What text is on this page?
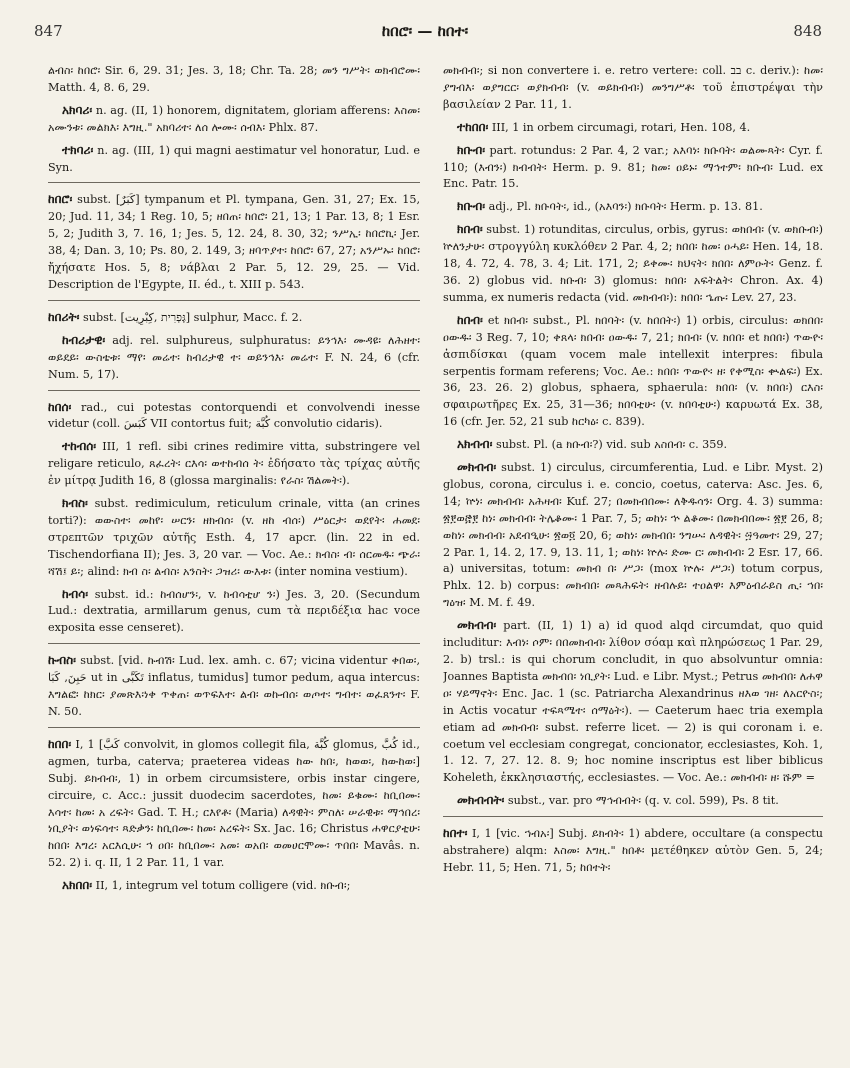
847	ከበሮ፡ — ከበተ፡	848

ልብስ፡ ከበሮ፡ Sir. 6, 29. 31; Jes. 3, 18; Chr. Ta. 28; መን ግሥት፡ ወክብሮሙ፡ Matth. 4, 8. 6, 29.

አክባሪ፡ n. ag. (II, 1) honorem, dignitatem, gloriam afferens: እስመ፡ አሙንቱ፡ መልክእ፡ እግዚ." አክባሪተ፡ ለሰ ሎሙ፡ ሰብእ፡ Phlx. 87.

ተክባሪ፡ n. ag. (III, 1) qui magni aestimatur vel honoratur, Lud. e Syn.

ከበሮ፡ subst. [كَبَرٌ] tympanum et Pl. tympana, Gen. 31, 27; Ex. 15, 20; Jud. 11, 34; 1 Reg. 10, 5; ዘበጠ፡ ከበሮ፡ 21, 13; 1 Par. 13, 8; 1 Esr. 5, 2; Judith 3, 7. 16, 1; Jes. 5, 12. 24, 8. 30, 32; ንሥኢ፡ ከበሮኪ፡ Jer. 38, 4; Dan. 3, 10; Ps. 80, 2. 149, 3; ዘባጥያተ፡ ከበሮ፡ 67, 27; አንሥኡ፡ ከበሮ፡ ἤχήσατε Hos. 5, 8; νάβλαι 2 Par. 5, 12. 29, 25. — Vid. Description de l'Egypte, II. éd., t. XIII p. 543.

ከበሪት፡ subst. [גָּפְרִית ,كِبْرِيت] sulphur, Macc. f. 2.

ከብሪታዊ፡ adj. rel. sulphureus, sulphuratus: ይንኅእ፡ ሙዳዩ፡ ለሕዘተ፡ ወይደይ፡ ውስቴቱ፡ ማየ፡ መሬተ፡ ከብሪታዊ ተ፡ ወይንኅእ፡ መሬተ፡ F. N. 24, 6 (cfr. Num. 5, 17).

ከበሰ፡ rad., cui potestas contorquendi et convolvendi inesse videtur (coll. كَبَسَ VII contortus fuit; كُبَّة convolutio cidaris).

ተከብሰ፡ III, 1 refl. sibi crines redimire vitta, substringere vel religare reticulo, ጸፈረት፡ ርእሳ፡ ወተከብሰ ት፡ ἐδήσατο τὰς τρίχας αὐτῆς ἐν μίτρᾳ Judith 16, 8 (glossa marginalis: የራስ፡ ሽልመት፡).

ክብስ፡ subst. redimiculum, reticulum crinale, vitta (an crines torti?): ወውስተ፡ መከየ፡ ሠርን፡ ዘክብሰ፡ (v. ዘከ ብሰ፡) ሥዕርታ፡ ወደየት፡ ሐመደ፡ στρεπτῶν τριχῶν αὐτῆς Esth. 4, 17 apcr. (lin. 22 in ed. Tischendorfiana II); Jes. 3, 20 var. — Voc. Ae.: ክብስ፡ ብ፡ ሰርመዱ፡ ጭራ፡ ሻሽ፤ ይ፡; alind: ክብ ስ፡ ልብስ፡ አንስት፡ ጋዝሪ፡ ውእቱ፡ (inter nomina vestium).

ከብሳ፡ subst. id.: ከብሰሆን፡, v. ከብሳቲሆ ን፡) Jes. 3, 20. (Secundum Lud.: dextratia, armillarum genus, cum τὰ περιδέξια hac voce exposita esse censeret).

ኩብስ፡ subst. [vid. ኩብሽ፡ Lud. lex. amh. c. 67; vicina videntur ቀበወ፡, حَبِنَ, كَبَا ut in تَكَبَّى inflatus, tumidus] tumor pedum, aqua intercus: እግልፎ፡ ከክር፡ ያመጽእ፡ነቀ ጥቀጠ፡ ወጥፍእተ፡ ልብ፡ ወኩብሰ፡ ወጦተ፡ ግብተ፡ ወፈጸንተ፡ F. N. 50.

ከበበ፡ I, 1 [كَبَّ convolvit, in glomos collegit fila, كُبَّة glomus, كُبَّ id., agmen, turba, caterva; praeterea videas ከው ከበ፡, ከወወ፡, ከውከወ፡] Subj. ይክብብ፡, 1) in orbem circumsistere, orbis instar cingere, circuire, c. Acc.: jussit duodecim sacerdotes, ከመ፡ ይቁሙ፡ ከቢበሙ፡ እሳተ፡ ከመ፡ አ ረፍት፡ Gad. T. H.; ርእየቶ፡ (Maria) ለዳዊት፡ ምስለ፡ ሠራዊቱ፡ ማኅበረ፡ ነቢያት፡ ወነፍሳተ፡ ጻድቃን፡ ከቢበሙ፡ ከመ፡ አረፍት፡ Sx. Jac. 16; Christus ሐዋርያቲሁ፡ ከበበ፡ እግረ፡ አርእሲሁ፡ ኀ ዐበ፡ ከቢበሙ፡ አመ፡ ወአበ፡ ወመሀርሞሙ፡ ጥበበ፡ Mavâs. n. 52. 2) i. q. II, 1 2 Par. 11, 1 var.

አክበበ፡ II, 1, integrum vel totum colligere (vid. ክቡብ፡;

መክብብ፡; si non convertere i. e. retro vertere: coll. בב c. deriv.): ከመ፡ ያግብእ፡ ወያግርር፡ ወያክብብ፡ (v. ወይክብብ፡) መንግሥቶ፡ τοῦ ἐπιστρέψαι τὴν βασιλείαν 2 Par. 11, 1.

ተከበበ፡ III, 1 in orbem circumagi, rotari, Hen. 108, 4.

ክቡብ፡ part. rotundus: 2 Par. 4, 2 var.; አእባነ፡ ክቡባት፡ ወልሙጻት፡ Cyr. f. 110; (እብን፡) ክብብት፡ Herm. p. 9. 81; ከመ፡ ዐይኑ፡ ማኅተም፡ ክቡብ፡ Lud. ex Enc. Patr. 15.

ክቡብ፡ adj., Pl. ክቡባት፡, id., (አእባን፡) ክቡባት፡ Herm. p. 13. 81.

ክበብ፡ subst. 1) rotunditas, circulus, orbis, gyrus: ወክበብ፡ (v. ወክቡብ፡) ኵለንታሁ፡ στρογγύλη κυκλόθεν 2 Par. 4, 2; ክበበ፡ ከመ፡ ዐሓይ፡ Hen. 14, 18. 18, 4. 72, 4. 78, 3. 4; Lit. 171, 2; ይቀሙ፡ ክህናት፡ ክበበ፡ ለምዑት፡ Genz. f. 36. 2) globus vid. ክቡብ፡ 3) glomus: ክበበ፡ አፍትልት፡ Chron. Ax. 4) summa, ex numeris redacta (vid. መክብብ፡): ክበበ፡ ኄጡ፡ Lev. 27, 23.

ከበብ፡ et ክበብ፡ subst., Pl. ክበባት፡ (v. ከበበት፡) 1) orbis, circulus: ወክበበ፡ ዐውዱ፡ 3 Reg. 7, 10; ቀጸላ፡ ክበብ፡ ዐውዱ፡ 7, 21; ክበብ፡ (v. ክበበ፡ et ክበበ፡) ጥውዮ፡ ἀσπιδίσκαι (quam vocem male intellexit interpres: fibula serpentis formam referens; Voc. Ae.: ክበበ፡ ጥውዮ፡ ዘ፡ የቀሚስ፡ ቊልፍ፡) Ex. 36, 23. 26. 2) globus, sphaera, sphaerula: ክበበ፡ (v. ክበበ፡) ርእስ፡ σφαιρωτῆρες Ex. 25, 31—36; ክበባቲሁ፡ (v. ክበባቲሁ፡) καρυωτά Ex. 38, 16 (cfr. Jer. 52, 21 sub ከርካዕ፡ c. 839).

አክብብ፡ subst. Pl. (a ክቡብ፡?) vid. sub አስበብ፡ c. 359.

መክብብ፡ subst. 1) circulus, circumferentia, Lud. e Libr. Myst. 2) globus, corona, circulus i. e. concio, coetus, caterva: Asc. Jes. 6, 14; ኵነ፡ መክብብ፡ አሕዛብ፡ Kuf. 27; በመክብበሙ፡ ለቅዱሳን፡ Org. 4. 3) summa: ፳፻ወ፸፻ ከነ፡ መክብብ፡ ትሌቆሙ፡ 1 Par. 7, 5; ወከነ፡ ኍ ልቆሙ፡ በመክብበሙ፡ ፳፻ 26, 8; ወከነ፡ መክብብ፡ አደብዒሁ፡ ፳ወ፬ 20, 6; ወከነ፡ መክብበ፡ ንግሡ፡ ለዳዊት፡ ፵ዓመተ፡ 29, 27; 2 Par. 1, 14. 2, 17. 9, 13. 11, 1; ወከነ፡ ኵሉ፡ ድሙ ር፡ መክብብ፡ 2 Esr. 17, 66. a) universitas, totum: መክብ በ፡ ሥጋ፡ (mox ኵሉ፡ ሥጋ፡) totum corpus, Phlx. 12. b) corpus: መክብበ፡ መጻሕፍት፡ ዘብሉይ፡ ተዐልዋ፡ እምዕብራይስ ጢ፡ ኀበ፡ ግዕዝ፡ M. M. f. 49.

መክብብ፡ part. (II, 1) 1) a) id quod alqd circumdat, quo quid includitur: እብነ፡ ሶም፡ በበመክብብ፡ λίθον σόαμ καὶ πληρώσεως 1 Par. 29, 2. b) trsl.: is qui chorum concludit, in quo absolvuntur omnia: Joannes Baptista መክብበ፡ ነቢያት፡ Lud. e Libr. Myst.; Petrus መክብበ፡ ለሐዋ ዐ፡ ሃይማኖት፡ Enc. Jac. 1 (sc. Patriarcha Alexandrinus ዘእወ ገዘ፡ ለአርዮስ፡; in Actis vocatur ተፍጻሜተ፡ ሰማዕት፡). — Caeterum haec tria exempla etiam ad መክብብ፡ subst. referre licet. — 2) is qui coronam i. e. coetum vel ecclesiam congregat, concionator, ecclesiastes, Koh. 1, 1. 12. 7, 27. 12. 8. 9; hoc nomine inscriptus est liber biblicus Koheleth, ἐκκλησιαστής, ecclesiastes. — Voc. Ae.: መክብብ፡ ዘ፡ ሹም =

መክብብት፡ subst., var. pro ማኅብብት፡ (q. v. col. 599), Ps. 8 tit.

ከበተ፡ I, 1 [vic. ኀብአ፡] Subj. ይክብት፡ 1) abdere, occultare (a conspectu abstrahere) alqm: እስመ፡ እግዚ." ከበቶ፡ μετέθηκεν αὐτὸν Gen. 5, 24; Hebr. 11, 5; Hen. 71, 5; ከበተት፡
